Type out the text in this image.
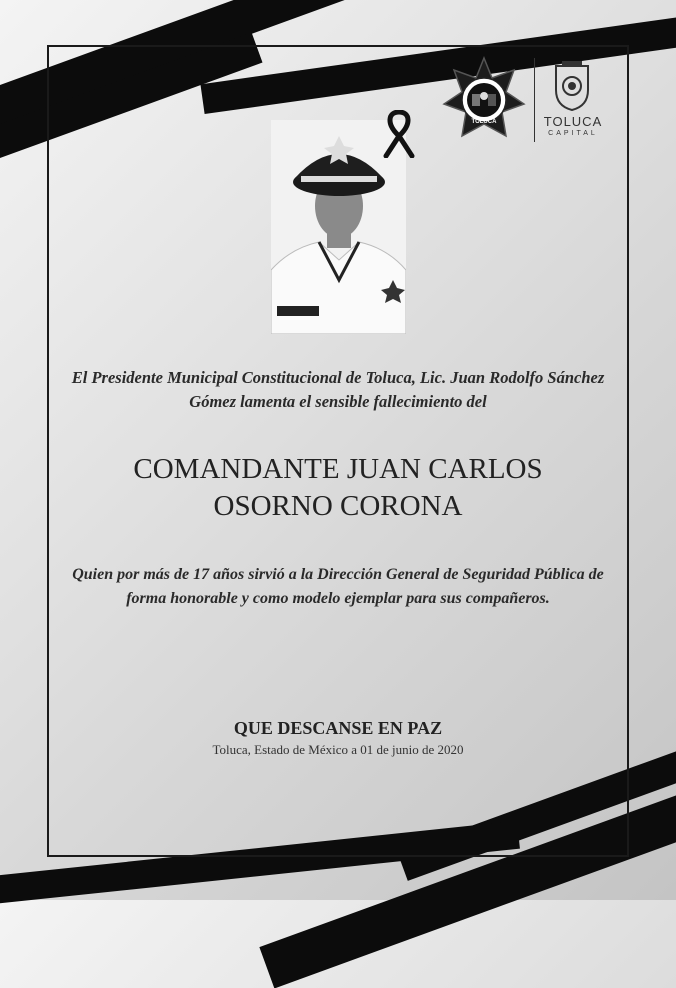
TOLUCA	TOLUCA
CAPITAL
El Presidente Municipal Constitucional de Toluca, Lic. Juan Rodolfo Sánchez Gómez lamenta el sensible fallecimiento del
COMANDANTE JUAN CARLOS
OSORNO CORONA
Quien por más de 17 años sirvió a la Dirección General de Seguridad Pública de forma honorable y como modelo ejemplar para sus compañeros.
QUE DESCANSE EN PAZ
Toluca, Estado de México a 01 de junio de 2020
